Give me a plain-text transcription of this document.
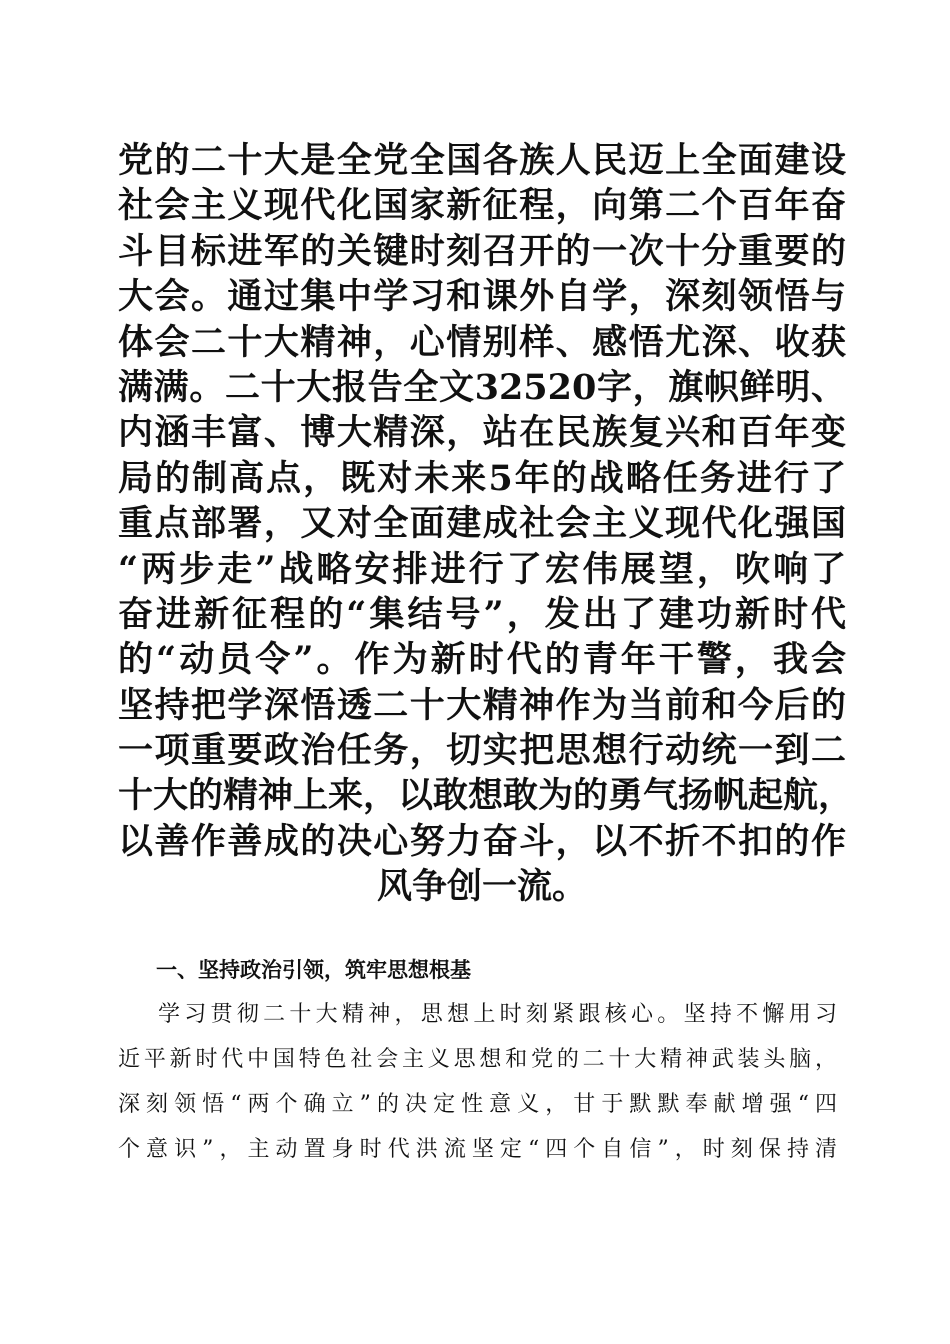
党的二十大是全党全国各族人民迈上全面建设
社会主义现代化国家新征程，向第二个百年奋
斗目标进军的关键时刻召开的一次十分重要的
大会。通过集中学习和课外自学，深刻领悟与
体会二十大精神，心情别样、感悟尤深、收获
满满。二十大报告全文32520字，旗帜鲜明、
内涵丰富、博大精深，站在民族复兴和百年变
局的制高点，既对未来5年的战略任务进行了
重点部署，又对全面建成社会主义现代化强国
“两步走”战略安排进行了宏伟展望，吹响了
奋进新征程的“集结号”，发出了建功新时代
的“动员令”。作为新时代的青年干警，我会
坚持把学深悟透二十大精神作为当前和今后的
一项重要政治任务，切实把思想行动统一到二
十大的精神上来，以敢想敢为的勇气扬帆起航，
以善作善成的决心努力奋斗，以不折不扣的作
风争创一流。
一、坚持政治引领，筑牢思想根基
学习贯彻二十大精神，思想上时刻紧跟核心。坚持不懈用习
近平新时代中国特色社会主义思想和党的二十大精神武装头脑，
深刻领悟“两个确立”的决定性意义，甘于默默奉献增强“四
个意识”，主动置身时代洪流坚定“四个自信”，时刻保持清
